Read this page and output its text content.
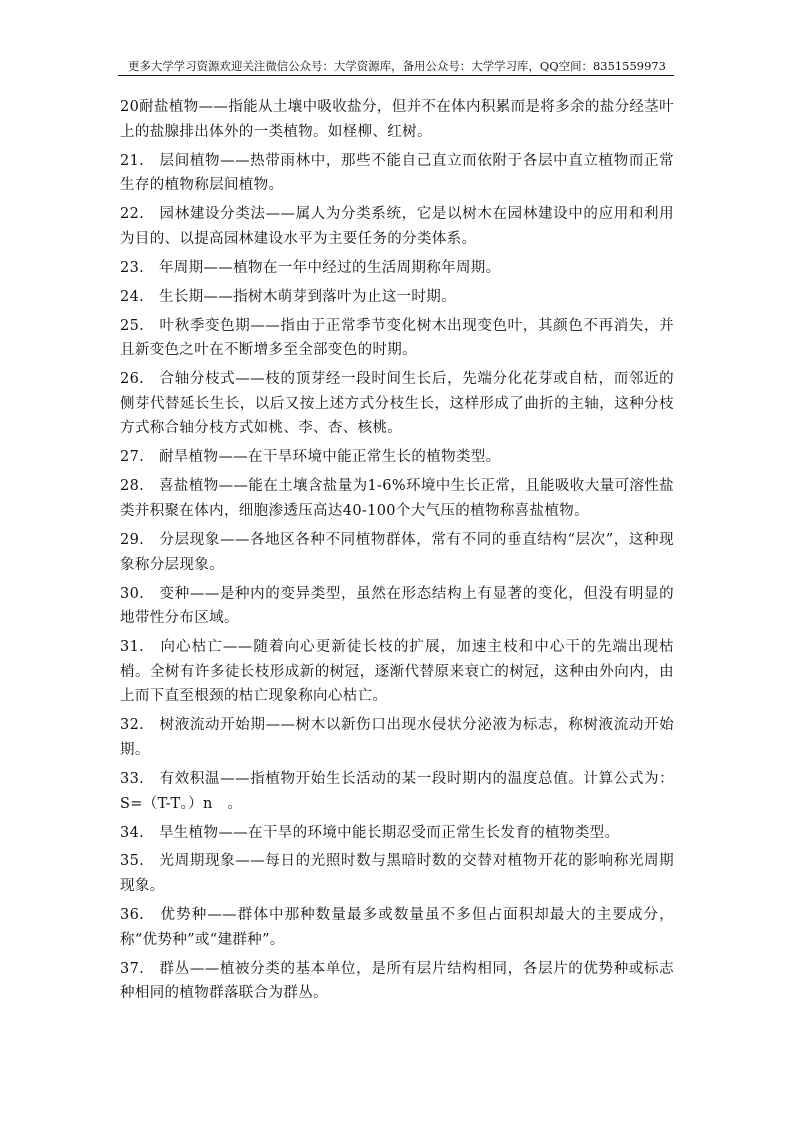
更多大学学习资源欢迎关注微信公众号：大学资源库，备用公众号：大学学习库，QQ空间：8351559973

20耐盐植物——指能从土壤中吸收盐分，但并不在体内积累而是将多余的盐分经茎叶上的盐腺排出体外的一类植物。如柽柳、红树。

21.　层间植物——热带雨林中，那些不能自己直立而依附于各层中直立植物而正常生存的植物称层间植物。

22.　园林建设分类法——属人为分类系统，它是以树木在园林建设中的应用和利用为目的、以提高园林建设水平为主要任务的分类体系。

23.　年周期——植物在一年中经过的生活周期称年周期。

24.　生长期——指树木萌芽到落叶为止这一时期。

25.　叶秋季变色期——指由于正常季节变化树木出现变色叶，其颜色不再消失，并且新变色之叶在不断增多至全部变色的时期。

26.　合轴分枝式——枝的顶芽经一段时间生长后，先端分化花芽或自枯，而邻近的侧芽代替延长生长，以后又按上述方式分枝生长，这样形成了曲折的主轴，这种分枝方式称合轴分枝方式如桃、李、杏、核桃。

27.　耐旱植物——在干旱环境中能正常生长的植物类型。

28.　喜盐植物——能在土壤含盐量为1-6%环境中生长正常，且能吸收大量可溶性盐类并积聚在体内，细胞渗透压高达40-100个大气压的植物称喜盐植物。

29.　分层现象——各地区各种不同植物群体，常有不同的垂直结构“层次”，这种现象称分层现象。

30.　变种——是种内的变异类型，虽然在形态结构上有显著的变化，但没有明显的地带性分布区域。

31.　向心枯亡——随着向心更新徒长枝的扩展，加速主枝和中心干的先端出现枯梢。全树有许多徒长枝形成新的树冠，逐渐代替原来衰亡的树冠，这种由外向内，由上而下直至根颈的枯亡现象称向心枯亡。

32.　树液流动开始期——树木以新伤口出现水侵状分泌液为标志，称树液流动开始期。

33.　有效积温——指植物开始生长活动的某一段时期内的温度总值。计算公式为：S=（T-T。）n　。

34.　旱生植物——在干旱的环境中能长期忍受而正常生长发育的植物类型。

35.　光周期现象——每日的光照时数与黑暗时数的交替对植物开花的影响称光周期现象。

36.　优势种——群体中那种数量最多或数量虽不多但占面积却最大的主要成分，称“优势种”或“建群种”。

37.　群丛——植被分类的基本单位，是所有层片结构相同，各层片的优势种或标志种相同的植物群落联合为群丛。
